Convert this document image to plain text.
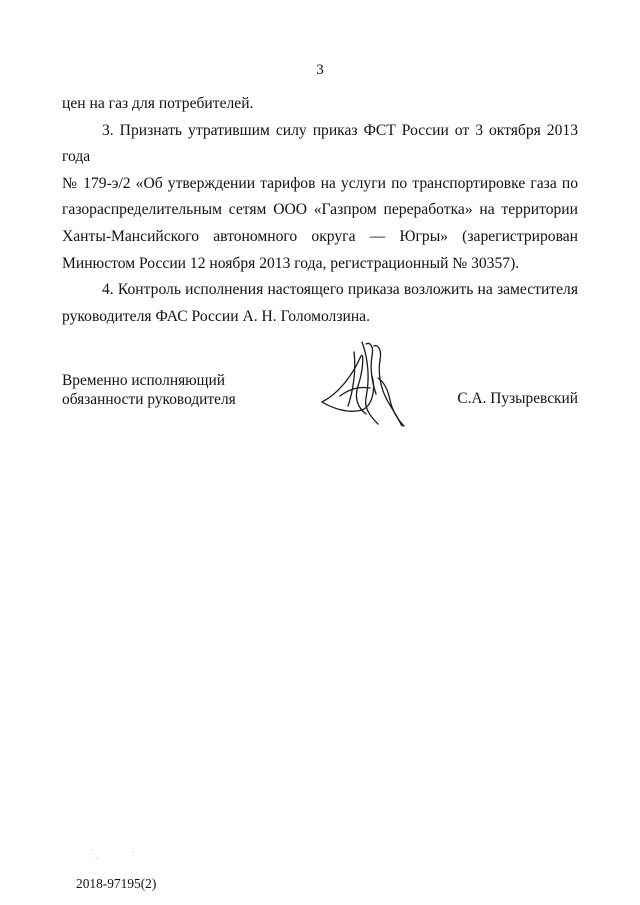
3
цен на газ для потребителей.
3. Признать утратившим силу приказ ФСТ России от 3 октября 2013 года
№ 179-э/2 «Об утверждении тарифов на услуги по транспортировке газа по
газораспределительным сетям ООО «Газпром переработка» на территории
Ханты-Мансийского автономного округа — Югры» (зарегистрирован
Минюстом России 12 ноября 2013 года, регистрационный № 30357).
4. Контроль исполнения настоящего приказа возложить на заместителя
руководителя ФАС России А. Н. Голомолзина.
Временно исполняющий
обязанности руководителя	С.А. Пузыревский
2018-97195(2)
